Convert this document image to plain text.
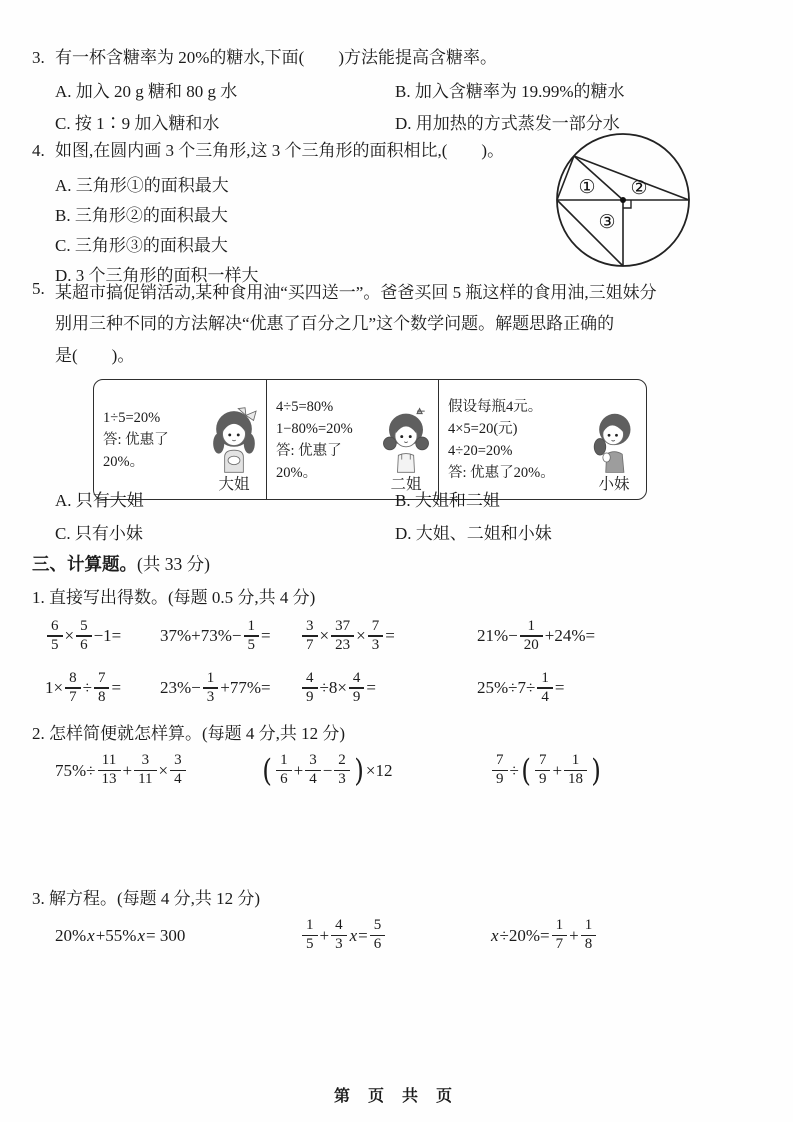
3. 有一杯含糖率为 20%的糖水,下面(　　)方法能提高含糖率。
A. 加入 20 g 糖和 80 g 水	B. 加入含糖率为 19.99%的糖水
C. 按 1∶9 加入糖和水	D. 用加热的方式蒸发一部分水
4. 如图,在圆内画 3 个三角形,这 3 个三角形的面积相比,(　　)。
A. 三角形①的面积最大
B. 三角形②的面积最大
C. 三角形③的面积最大
D. 3 个三角形的面积一样大
① ②
③
5. 某超市搞促销活动,某种食用油“买四送一”。爸爸买回 5 瓶这样的食用油,三姐妹分
别用三种不同的方法解决“优惠了百分之几”这个数学问题。解题思路正确的
是(　　)。
1÷5=20%
答: 优惠了20%。
大姐
4÷5=80%
1−80%=20%
答: 优惠了20%。
二姐
假设每瓶4元。
4×5=20(元)
4÷20=20%
答: 优惠了20%。
小妹
A. 只有大姐	B. 大姐和二姐
C. 只有小妹	D. 大姐、二姐和小妹
三、计算题。(共 33 分)
1. 直接写出得数。(每题 0.5 分,共 4 分)
$\frac{6}{5} \times \frac{5}{6} -1= 37\%+73\%- \frac{1}{5} = \frac{3}{7} \times \frac{37}{23} \times \frac{7}{3}$ =	$21\%- \frac{1}{20} +24\%=$
$1\times \frac{8}{7} \div \frac{7}{8} = 23\%- \frac{1}{3} +77\%= \frac{4}{9} \div 8\times \frac{4}{9}$ =	$25\%\div 7\div \frac{1}{4}$ =
2. 怎样简便就怎样算。(每题 4 分,共 12 分)
$75\%\div \frac{11}{13} + \frac{3}{11} \times \frac{3}{4}$ ( $\frac{1}{6} + \frac{3}{4} - \frac{2}{3}$ ) ×12	$\frac{7}{9}$ ÷ ( $\frac{7}{9} + \frac{1}{18}$ )
3. 解方程。(每题 4 分,共 12 分)
20% x +55% x = 300	$\frac{1}{5} + \frac{4}{3}$ $x = \frac{5}{6}$	$x \div 20\%= \frac{1}{7} + \frac{1}{8}$
第 页 共 页
